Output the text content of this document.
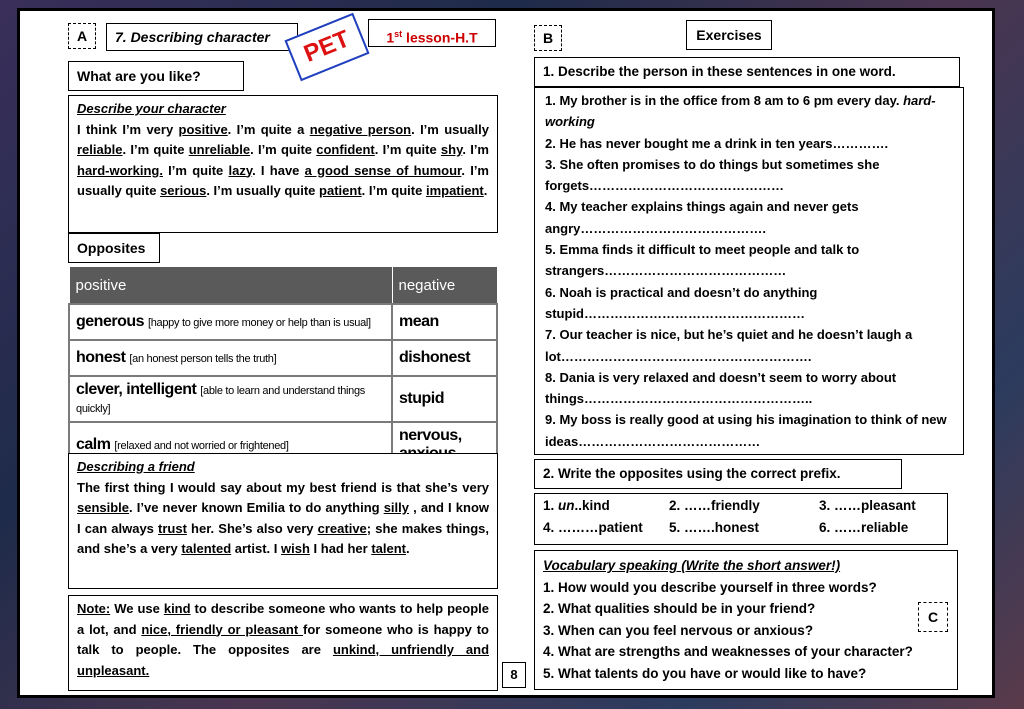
A	7. Describing character	PET	1st lesson-H.T
What are you like?
Describe your character
I think I’m very positive. I’m quite a negative person. I’m usually reliable. I’m quite unreliable. I’m quite confident. I’m quite shy. I’m hard-working. I’m quite lazy. I have a good sense of humour. I’m usually quite serious. I’m usually quite patient. I’m quite impatient.
Opposites
positive	negative
generous [happy to give more money or help than is usual]	mean
honest [an honest person tells the truth]	dishonest
clever, intelligent [able to learn and understand things quickly]	stupid
calm [relaxed and not worried or frightened]	nervous,
Describing a friend
The first thing I would say about my best friend is that she’s very sensible. I’ve never known Emilia to do anything silly , and I know I can always trust her. She’s also very creative; she makes things, and she’s a very talented artist. I wish I had her talent.
Note: We use kind to describe someone who wants to help people a lot, and nice, friendly or pleasant for someone who is happy to talk to people. The opposites are unkind, unfriendly and unpleasant.	8
B	Exercises
1. Describe the person in these sentences in one word.
1. My brother is in the office from 8 am to 6 pm every day. hard-working
2. He has never bought me a drink in ten years………….
3. She often promises to do things but sometimes she forgets………………………………………
4. My teacher explains things again and never gets angry…………………………………….
5. Emma finds it difficult to meet people and talk to strangers……………………………………
6. Noah is practical and doesn’t do anything stupid……………………………………………
7. Our teacher is nice, but he’s quiet and he doesn’t laugh a lot………………………………………………….
8. Dania is very relaxed and doesn’t seem to worry about things……………………………………………..
9. My boss is really good at using his imagination to think of new ideas……………………………………
2. Write the opposites using the correct prefix.
1. un..kind	2. ……friendly	3. ……pleasant
4. ………patient	5. …….honest	6. ……reliable
Vocabulary speaking (Write the short answer!)
1. How would you describe yourself in three words?
2. What qualities should be in your friend?
3. When can you feel nervous or anxious?
4. What are strengths and weaknesses of your character?
5. What talents do you have or would like to have?
C
